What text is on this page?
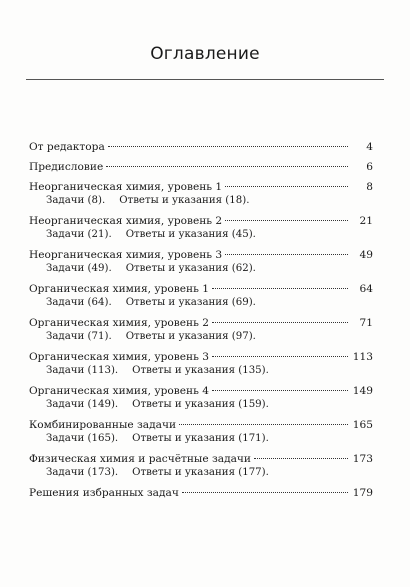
Оглавление
От редактора	4
Предисловие	6
Неорганическая химия, уровень 1	8
Задачи (8). Ответы и указания (18).
Неорганическая химия, уровень 2	21
Задачи (21). Ответы и указания (45).
Неорганическая химия, уровень 3	49
Задачи (49). Ответы и указания (62).
Органическая химия, уровень 1	64
Задачи (64). Ответы и указания (69).
Органическая химия, уровень 2	71
Задачи (71). Ответы и указания (97).
Органическая химия, уровень 3	113
Задачи (113). Ответы и указания (135).
Органическая химия, уровень 4	149
Задачи (149). Ответы и указания (159).
Комбинированные задачи	165
Задачи (165). Ответы и указания (171).
Физическая химия и расчётные задачи	173
Задачи (173). Ответы и указания (177).
Решения избранных задач	179
